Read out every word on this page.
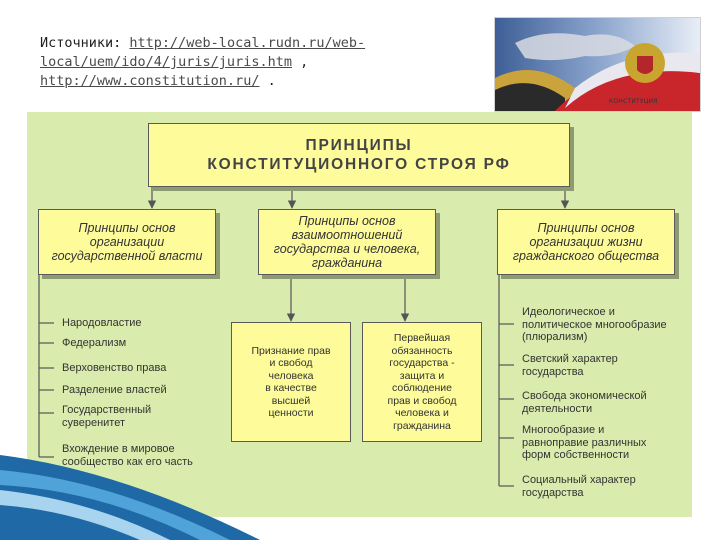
Источники: http://web-local.rudn.ru/web-
local/uem/ido/4/juris/juris.htm ,
http://www.constitution.ru/ .
КОНСТИТУЦИЯ
ПРИНЦИПЫ
КОНСТИТУЦИОННОГО СТРОЯ РФ
Принципы основ
организации
государственной власти
Принципы основ
взаимоотношений
государства и человека,
гражданина
Принципы основ
организации жизни
гражданского общества
Признание прав
и свобод
человека
в качестве
высшей
ценности
Первейшая
обязанность
государства -
защита и
соблюдение
прав и свобод
человека и
гражданина
Народовластие
Федерализм
Верховенство права
Разделение властей
Государственный
суверенитет
Вхождение в мировое
сообщество как его часть
Идеологическое и
политическое многообразие
(плюрализм)
Светский характер
государства
Свобода экономической
деятельности
Многообразие и
равноправие различных
форм собственности
Социальный характер
государства
